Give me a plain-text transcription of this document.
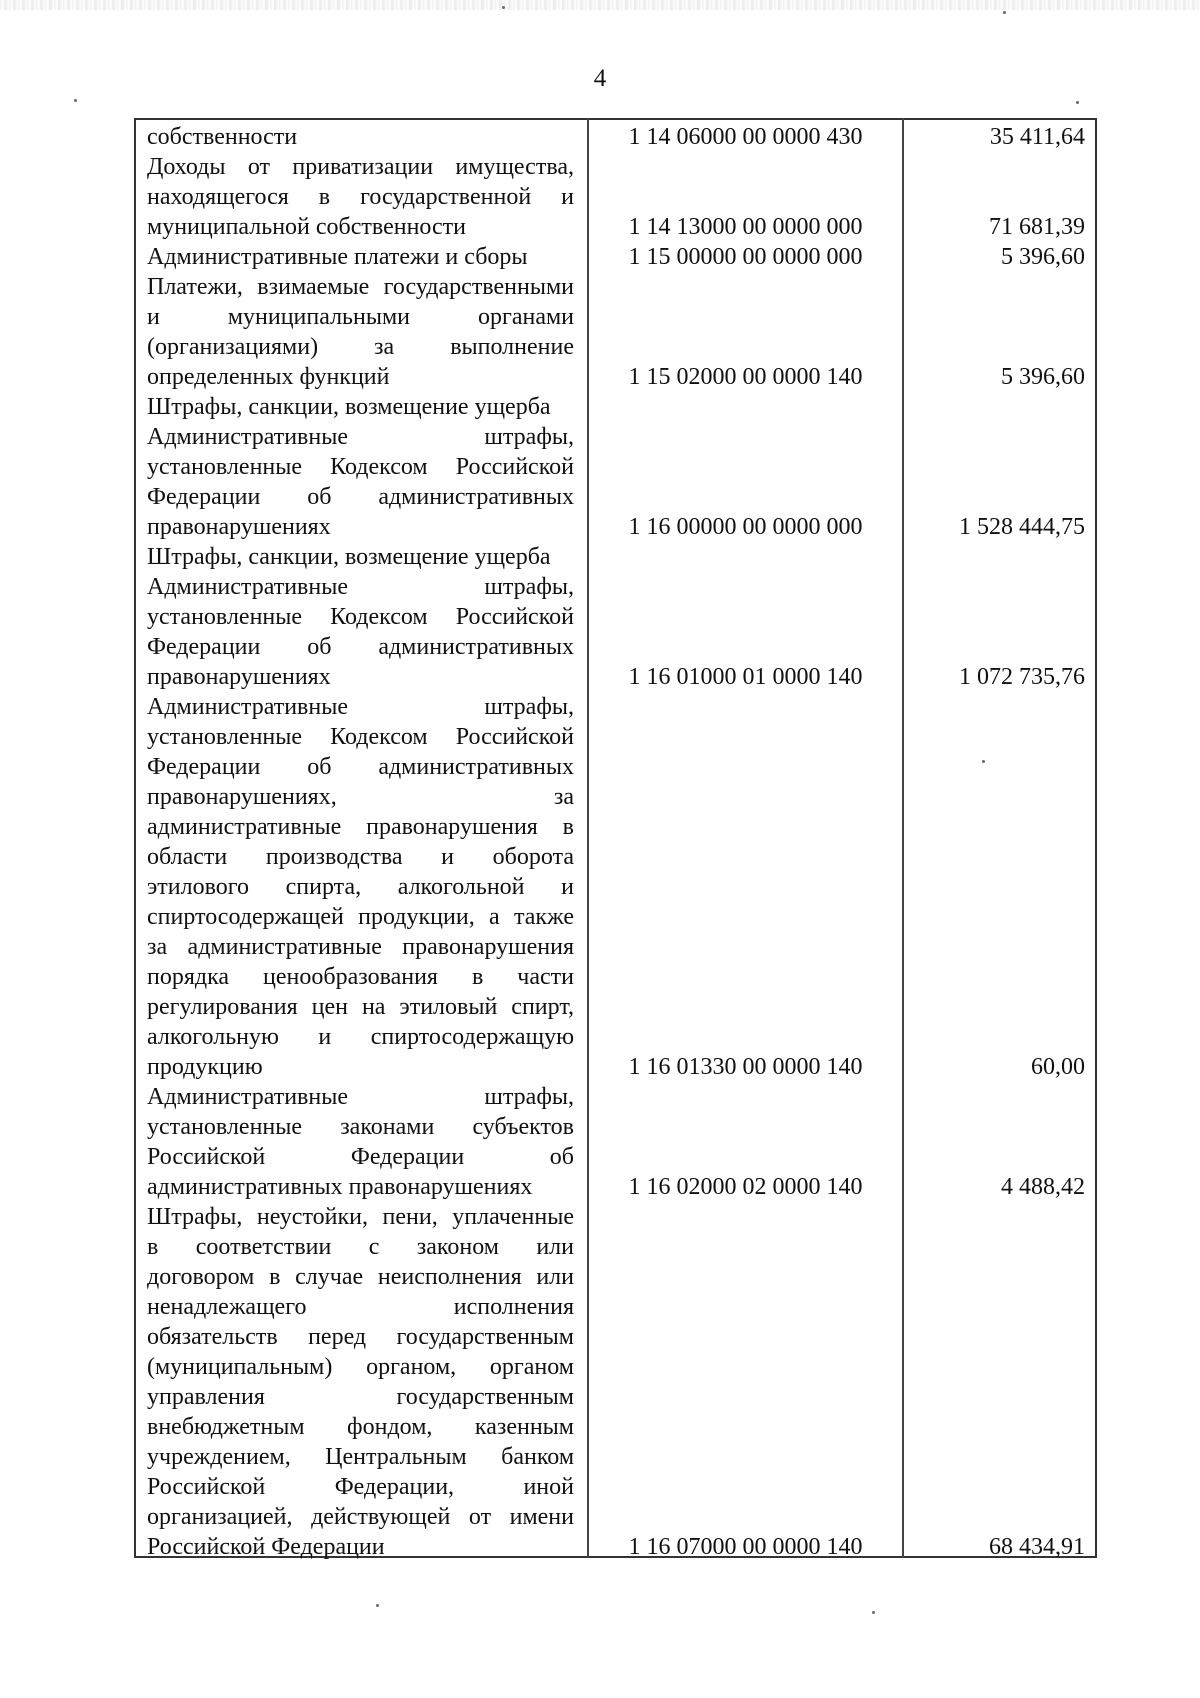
4
собственности	1 14 06000 00 0000 430	35 411,64
Доходы от приватизации имущества,
находящегося в государственной и
муниципальной собственности	1 14 13000 00 0000 000	71 681,39
Административные платежи и сборы	1 15 00000 00 0000 000	5 396,60
Платежи, взимаемые государственными
и муниципальными органами
(организациями) за выполнение
определенных функций	1 15 02000 00 0000 140	5 396,60
Штрафы, санкции, возмещение ущерба
Административные штрафы,
установленные Кодексом Российской
Федерации об административных
правонарушениях	1 16 00000 00 0000 000	1 528 444,75
Штрафы, санкции, возмещение ущерба
Административные штрафы,
установленные Кодексом Российской
Федерации об административных
правонарушениях	1 16 01000 01 0000 140	1 072 735,76
Административные штрафы,
установленные Кодексом Российской
Федерации об административных
правонарушениях, за
административные правонарушения в
области производства и оборота
этилового спирта, алкогольной и
спиртосодержащей продукции, а также
за административные правонарушения
порядка ценообразования в части
регулирования цен на этиловый спирт,
алкогольную и спиртосодержащую
продукцию	1 16 01330 00 0000 140	60,00
Административные штрафы,
установленные законами субъектов
Российской Федерации об
административных правонарушениях	1 16 02000 02 0000 140	4 488,42
Штрафы, неустойки, пени, уплаченные
в соответствии с законом или
договором в случае неисполнения или
ненадлежащего исполнения
обязательств перед государственным
(муниципальным) органом, органом
управления государственным
внебюджетным фондом, казенным
учреждением, Центральным банком
Российской Федерации, иной
организацией, действующей от имени
Российской Федерации	1 16 07000 00 0000 140	68 434,91
